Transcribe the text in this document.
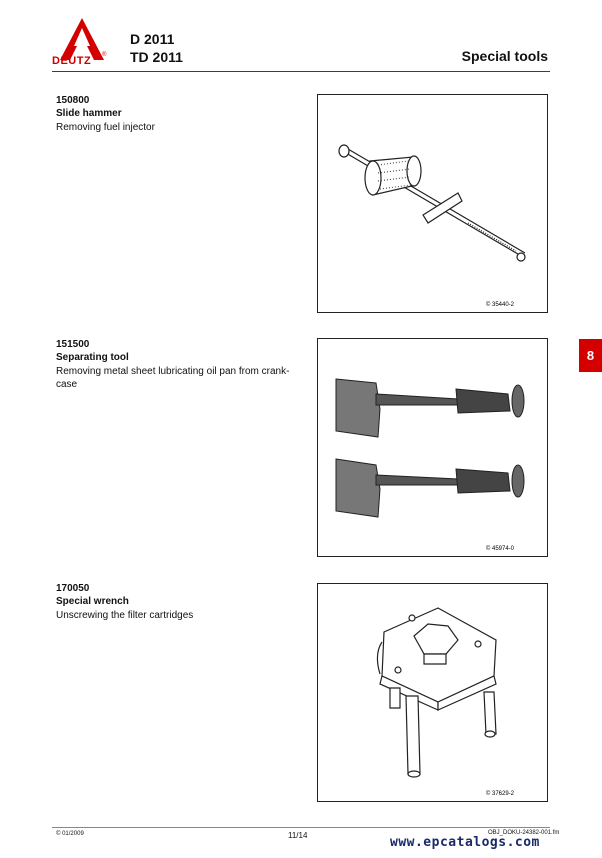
®
DEUTZ
D 2011
TD 2011	Special tools
8
150800
Slide hammer
Removing fuel injector
© 35440-2
151500
Separating tool
Removing metal sheet lubricating oil pan from crank-case
© 45974-0
170050
Special wrench
Unscrewing the filter cartridges
© 37629-2
© 01/2009	11/14	OBJ_DOKU-24382-001.fm
www.epcatalogs.com
